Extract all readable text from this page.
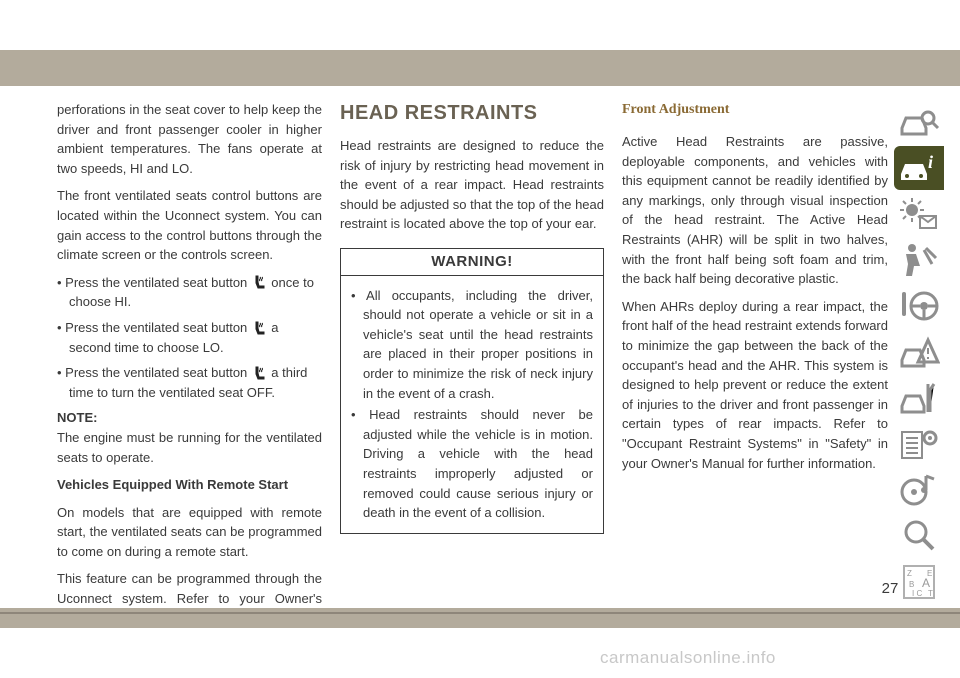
perforations in the seat cover to help keep the driver and front passenger cooler in higher ambient temperatures. The fans operate at two speeds, HI and LO.

The front ventilated seats control buttons are located within the Uconnect system. You can gain access to the control buttons through the climate screen or the controls screen.

• Press the ventilated seat button once to choose HI.
• Press the ventilated seat button a second time to choose LO.
• Press the ventilated seat button a third time to turn the ventilated seat OFF.
NOTE:

The engine must be running for the ventilated seats to operate.

Vehicles Equipped With Remote Start

On models that are equipped with remote start, the ventilated seats can be programmed to come on during a remote start.

This feature can be programmed through the Uconnect system. Refer to your Owner's

HEAD RESTRAINTS

Head restraints are designed to reduce the risk of injury by restricting head movement in the event of a rear impact. Head restraints should be adjusted so that the top of the head restraint is located above the top of your ear.

WARNING!
• All occupants, including the driver, should not operate a vehicle or sit in a vehicle's seat until the head restraints are placed in their proper positions in order to minimize the risk of neck injury in the event of a crash.
• Head restraints should never be adjusted while the vehicle is in motion. Driving a vehicle with the head restraints improperly adjusted or removed could cause serious injury or death in the event of a collision.
Front Adjustment

Active Head Restraints are passive, deployable components, and vehicles with this equipment cannot be readily identified by any markings, only through visual inspection of the head restraint. The Active Head Restraints (AHR) will be split in two halves, with the front half being soft foam and trim, the back half being decorative plastic.

When AHRs deploy during a rear impact, the front half of the head restraint extends forward to minimize the gap between the back of the occupant's head and the AHR. This system is designed to help prevent or reduce the extent of injuries to the driver and front passenger in certain types of rear impacts. Refer to "Occupant Restraint Systems" in "Safety" in your Owner's Manual for further information.

i
Z E
B A
I C T
27
carmanualsonline.info
